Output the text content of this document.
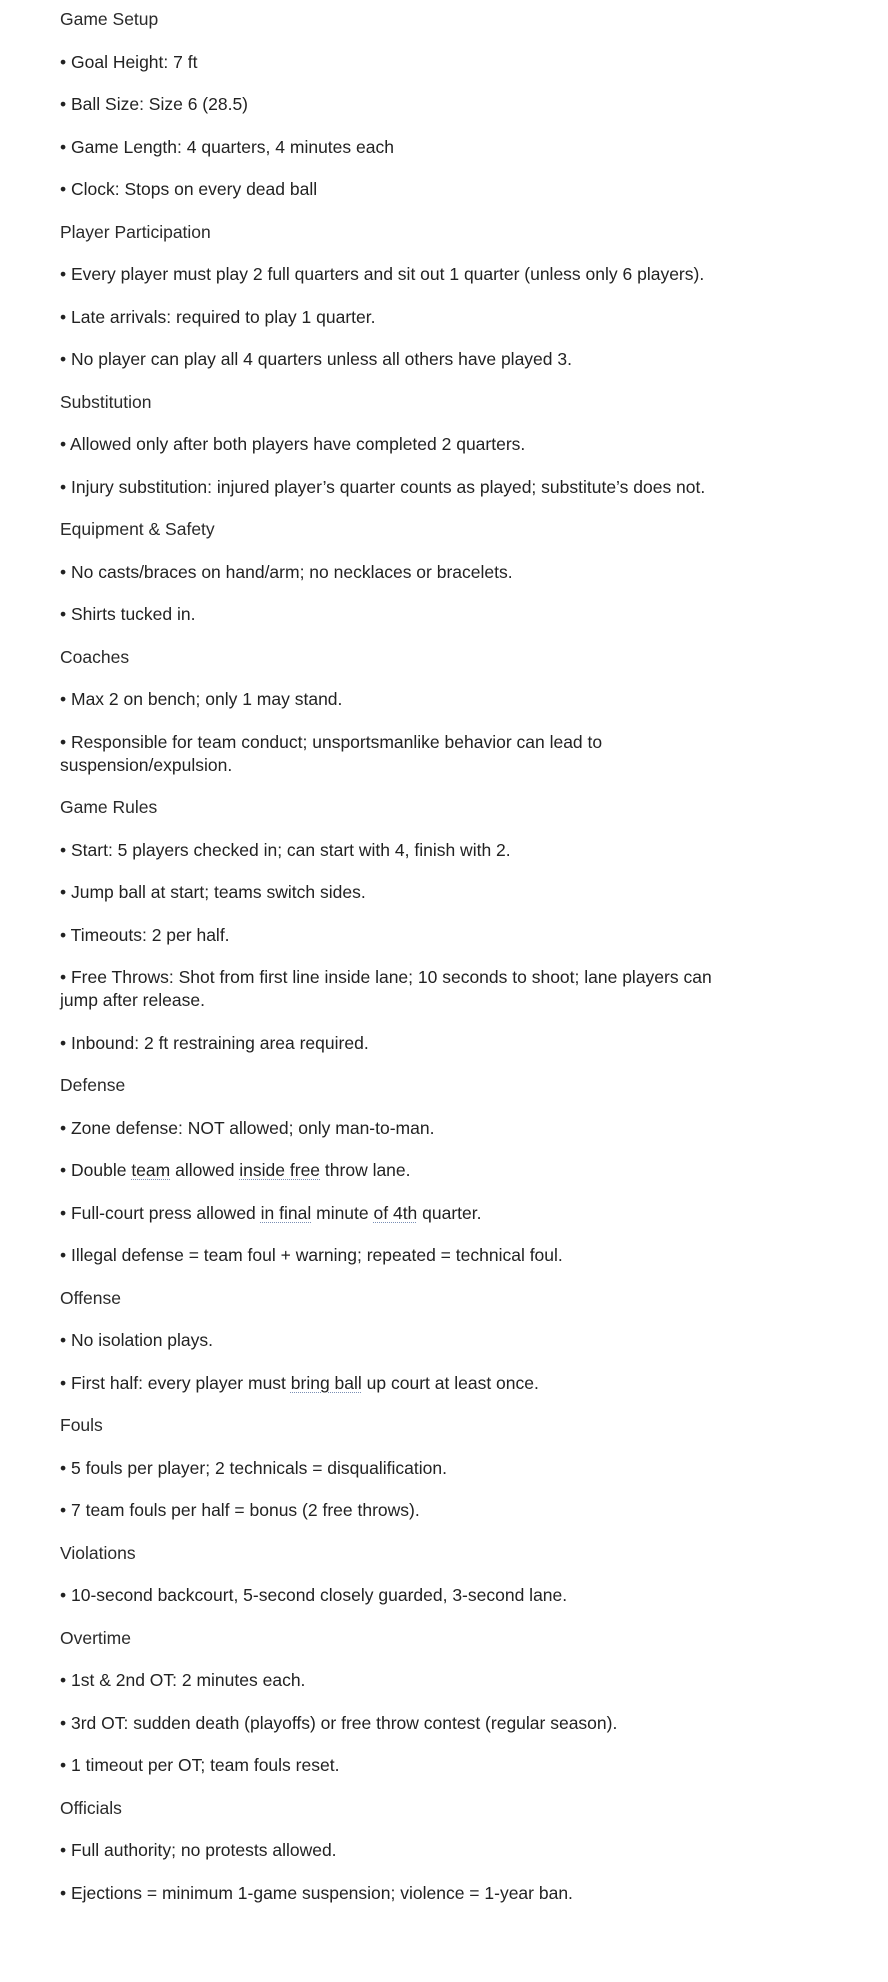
Game Setup

• Goal Height: 7 ft

• Ball Size: Size 6 (28.5)

• Game Length: 4 quarters, 4 minutes each

• Clock: Stops on every dead ball

Player Participation

• Every player must play 2 full quarters and sit out 1 quarter (unless only 6 players).

• Late arrivals: required to play 1 quarter.

• No player can play all 4 quarters unless all others have played 3.

Substitution

• Allowed only after both players have completed 2 quarters.

• Injury substitution: injured player’s quarter counts as played; substitute’s does not.

Equipment & Safety

• No casts/braces on hand/arm; no necklaces or bracelets.

• Shirts tucked in.

Coaches

• Max 2 on bench; only 1 may stand.

• Responsible for team conduct; unsportsmanlike behavior can lead to suspension/expulsion.

Game Rules

• Start: 5 players checked in; can start with 4, finish with 2.

• Jump ball at start; teams switch sides.

• Timeouts: 2 per half.

• Free Throws: Shot from first line inside lane; 10 seconds to shoot; lane players can jump after release.

• Inbound: 2 ft restraining area required.

Defense

• Zone defense: NOT allowed; only man-to-man.

• Double team allowed inside free throw lane.

• Full-court press allowed in final minute of 4th quarter.

• Illegal defense = team foul + warning; repeated = technical foul.

Offense

• No isolation plays.

• First half: every player must bring ball up court at least once.

Fouls

• 5 fouls per player; 2 technicals = disqualification.

• 7 team fouls per half = bonus (2 free throws).

Violations

• 10-second backcourt, 5-second closely guarded, 3-second lane.

Overtime

• 1st & 2nd OT: 2 minutes each.

• 3rd OT: sudden death (playoffs) or free throw contest (regular season).

• 1 timeout per OT; team fouls reset.

Officials

• Full authority; no protests allowed.

• Ejections = minimum 1-game suspension; violence = 1-year ban.
